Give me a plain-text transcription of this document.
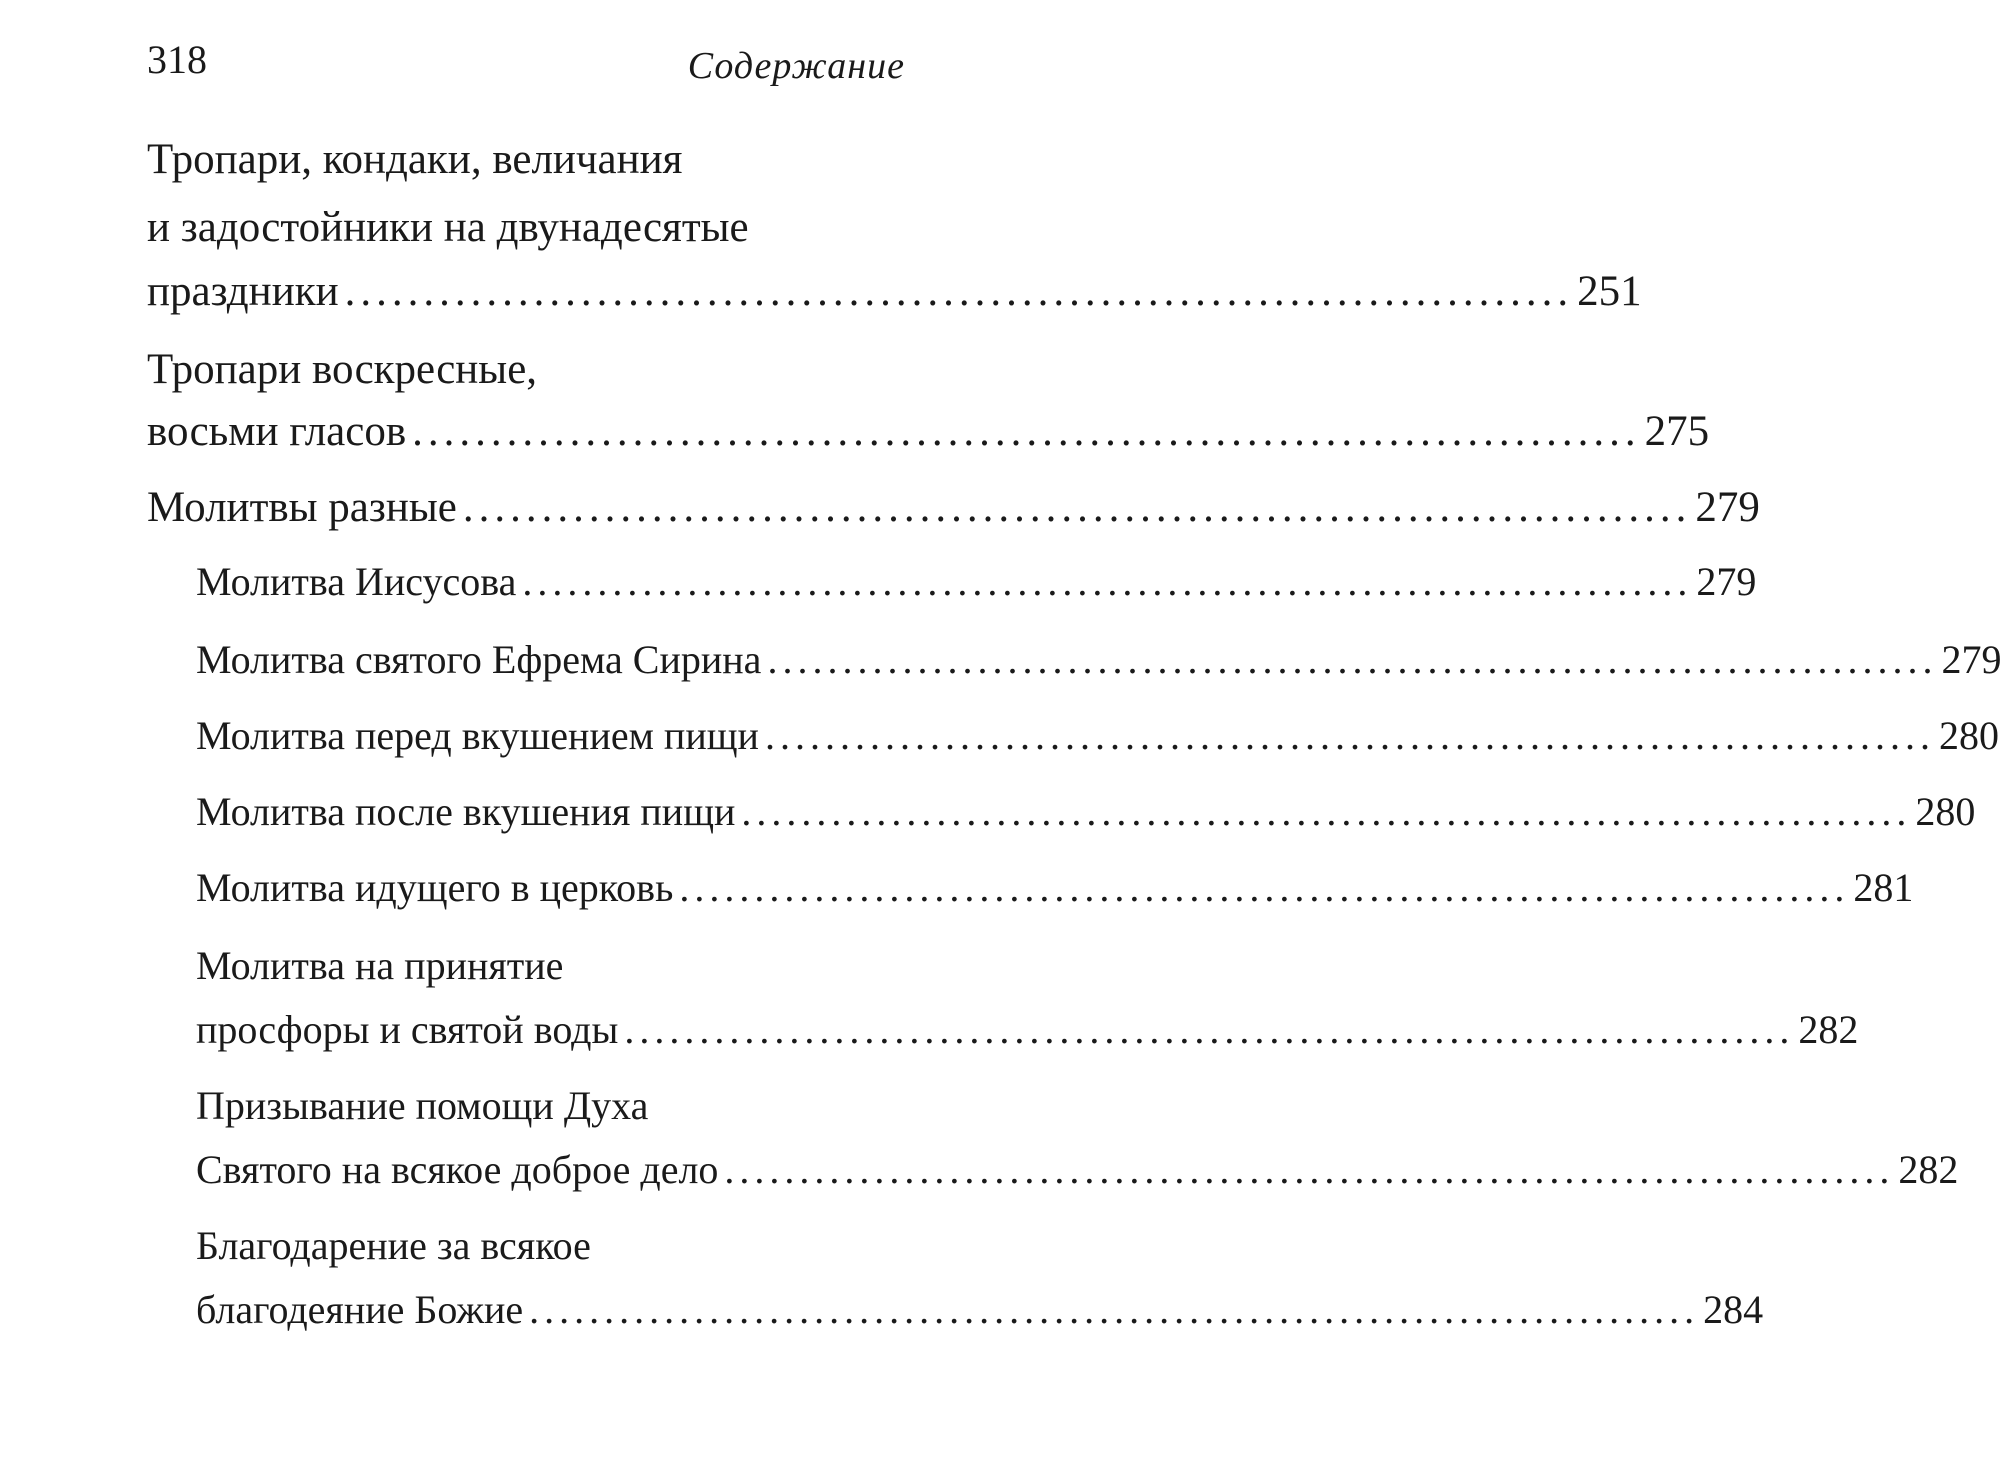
318	Содержание
Тропари, кондаки, величания
и задостойники на двунадесятые
праздники .............................................................................. 251
Тропари воскресные,
восьми гласов .............................................................................. 275
Молитвы разные .............................................................................. 279
Молитва Иисусова .............................................................................. 279
Молитва святого Ефрема Сирина .............................................................................. 279
Молитва перед вкушением пищи .............................................................................. 280
Молитва после вкушения пищи .............................................................................. 280
Молитва идущего в церковь .............................................................................. 281
Молитва на принятие
просфоры и святой воды .............................................................................. 282
Призывание помощи Духа
Святого на всякое доброе дело .............................................................................. 282
Благодарение за всякое
благодеяние Божие .............................................................................. 284
